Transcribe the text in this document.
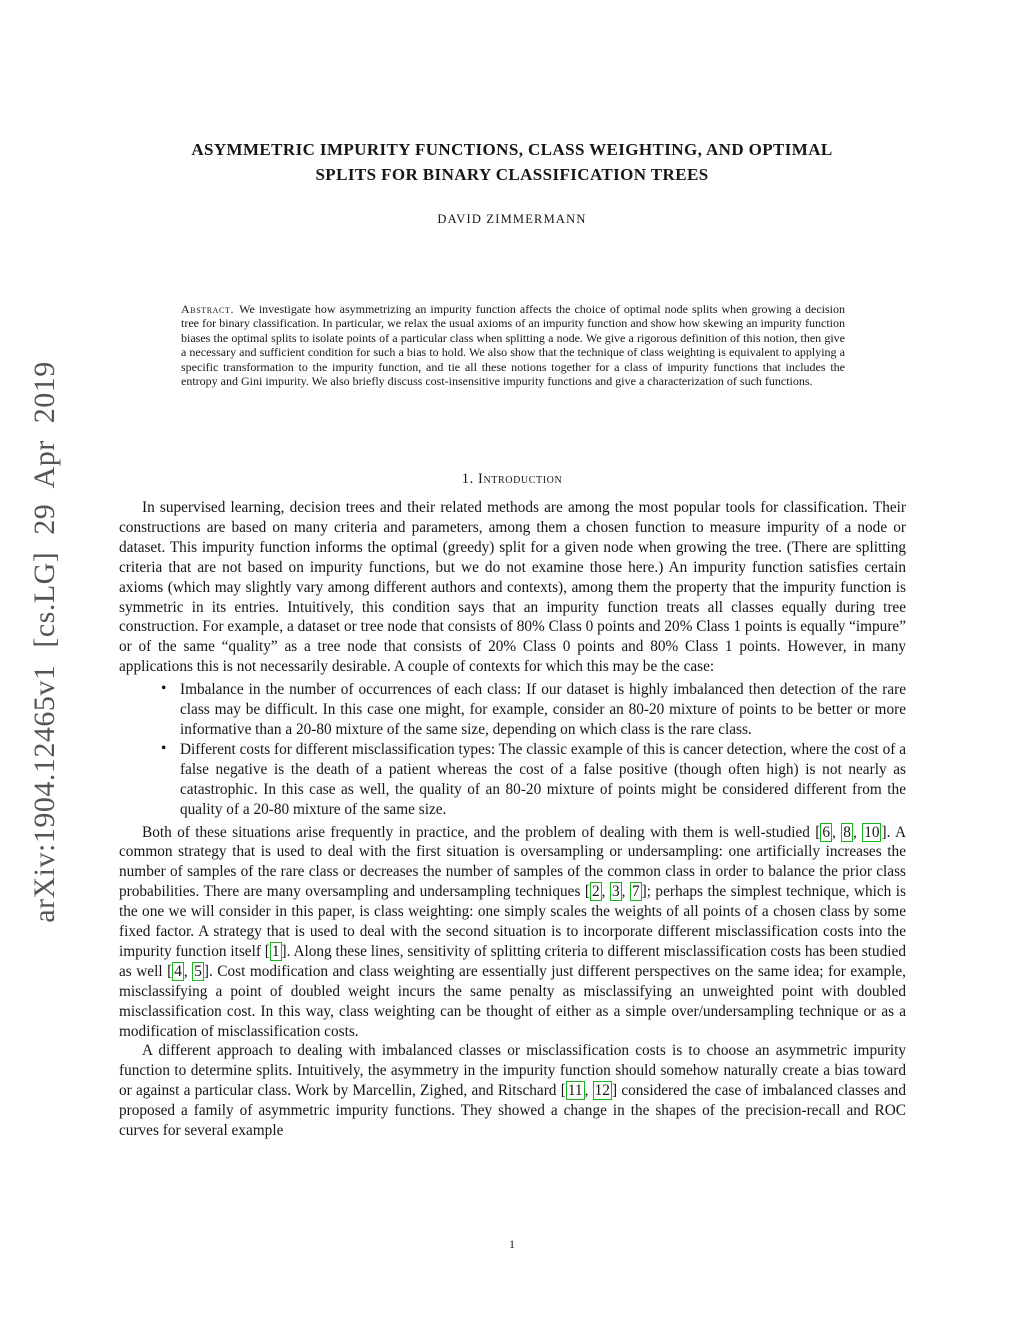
arXiv:1904.12465v1 [cs.LG] 29 Apr 2019
ASYMMETRIC IMPURITY FUNCTIONS, CLASS WEIGHTING, AND OPTIMAL
SPLITS FOR BINARY CLASSIFICATION TREES
DAVID ZIMMERMANN
Abstract. We investigate how asymmetrizing an impurity function affects the choice of optimal node splits when growing a decision tree for binary classification. In particular, we relax the usual axioms of an impurity function and show how skewing an impurity function biases the optimal splits to isolate points of a particular class when splitting a node. We give a rigorous definition of this notion, then give a necessary and sufficient condition for such a bias to hold. We also show that the technique of class weighting is equivalent to applying a specific transformation to the impurity function, and tie all these notions together for a class of impurity functions that includes the entropy and Gini impurity. We also briefly discuss cost-insensitive impurity functions and give a characterization of such functions.
1. Introduction

In supervised learning, decision trees and their related methods are among the most popular tools for classification. Their constructions are based on many criteria and parameters, among them a chosen function to measure impurity of a node or dataset. This impurity function informs the optimal (greedy) split for a given node when growing the tree. (There are splitting criteria that are not based on impurity functions, but we do not examine those here.) An impurity function satisfies certain axioms (which may slightly vary among different authors and contexts), among them the property that the impurity function is symmetric in its entries. Intuitively, this condition says that an impurity function treats all classes equally during tree construction. For example, a dataset or tree node that consists of 80% Class 0 points and 20% Class 1 points is equally “impure” or of the same “quality” as a tree node that consists of 20% Class 0 points and 80% Class 1 points. However, in many applications this is not necessarily desirable. A couple of contexts for which this may be the case:

• Imbalance in the number of occurrences of each class: If our dataset is highly imbalanced then detection of the rare class may be difficult. In this case one might, for example, consider an 80-20 mixture of points to be better or more informative than a 20-80 mixture of the same size, depending on which class is the rare class.
• Different costs for different misclassification types: The classic example of this is cancer detection, where the cost of a false negative is the death of a patient whereas the cost of a false positive (though often high) is not nearly as catastrophic. In this case as well, the quality of an 80-20 mixture of points might be considered different from the quality of a 20-80 mixture of the same size.

Both of these situations arise frequently in practice, and the problem of dealing with them is well-studied [ 6 , 8 , 10 ]. A common strategy that is used to deal with the first situation is oversampling or undersampling: one artificially increases the number of samples of the rare class or decreases the number of samples of the common class in order to balance the prior class probabilities. There are many oversampling and undersampling techniques [ 2 , 3 , 7 ]; perhaps the simplest technique, which is the one we will consider in this paper, is class weighting: one simply scales the weights of all points of a chosen class by some fixed factor. A strategy that is used to deal with the second situation is to incorporate different misclassification costs into the impurity function itself [ 1 ]. Along these lines, sensitivity of splitting criteria to different misclassification costs has been studied as well [ 4 , 5 ]. Cost modification and class weighting are essentially just different perspectives on the same idea; for example, misclassifying a point of doubled weight incurs the same penalty as misclassifying an unweighted point with doubled misclassification cost. In this way, class weighting can be thought of either as a simple over/undersampling technique or as a modification of misclassification costs.

A different approach to dealing with imbalanced classes or misclassification costs is to choose an asymmetric impurity function to determine splits. Intuitively, the asymmetry in the impurity function should somehow naturally create a bias toward or against a particular class. Work by Marcellin, Zighed, and Ritschard [ 11 , 12 ] considered the case of imbalanced classes and proposed a family of asymmetric impurity functions. They showed a change in the shapes of the precision-recall and ROC curves for several example

1
